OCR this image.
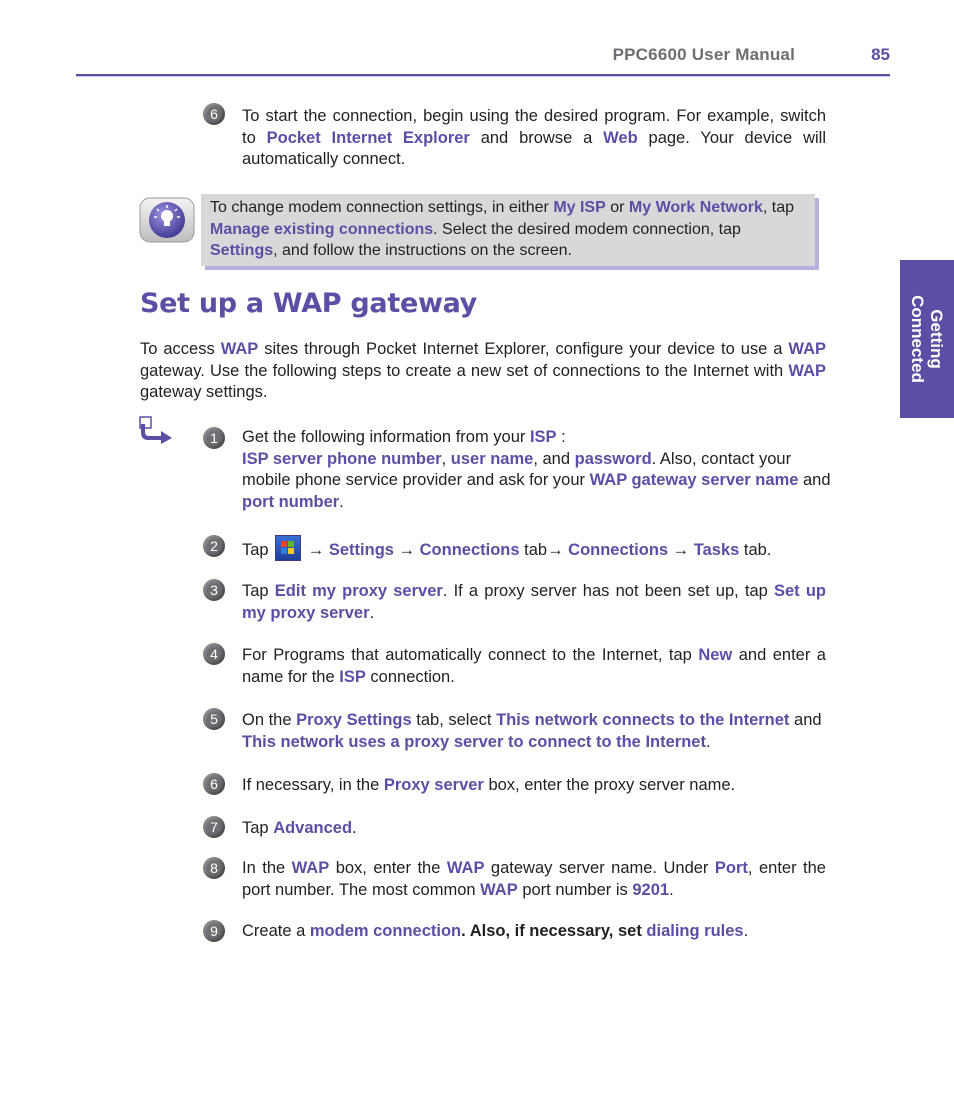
PPC6600 User Manual	85
Getting
Connected
6	To start the connection, begin using the desired program. For example, switch to Pocket Internet Explorer and browse a Web page. Your device will automatically connect.
To change modem connection settings, in either My ISP or My Work Network, tap Manage existing connections. Select the desired modem connection, tap Settings, and follow the instructions on the screen.
Set up a WAP gateway
To access WAP sites through Pocket Internet Explorer, configure your device to use a WAP gateway. Use the following steps to create a new set of connections to the Internet with WAP gateway settings.
1	Get the following information from your ISP :
ISP server phone number, user name, and password. Also, contact your mobile phone service provider and ask for your WAP gateway server name and port number.
2	Tap
→ Settings → Connections tab→ Connections → Tasks tab.
3	Tap Edit my proxy server. If a proxy server has not been set up, tap Set up my proxy server.
4	For Programs that automatically connect to the Internet, tap New and enter a name for the ISP connection.
5	On the Proxy Settings tab, select This network connects to the Internet and This network uses a proxy server to connect to the Internet.
6	If necessary, in the Proxy server box, enter the proxy server name.
7	Tap Advanced.
8	In the WAP box, enter the WAP gateway server name. Under Port, enter the port number. The most common WAP port number is 9201.
9	Create a modem connection. Also, if necessary, set dialing rules.
